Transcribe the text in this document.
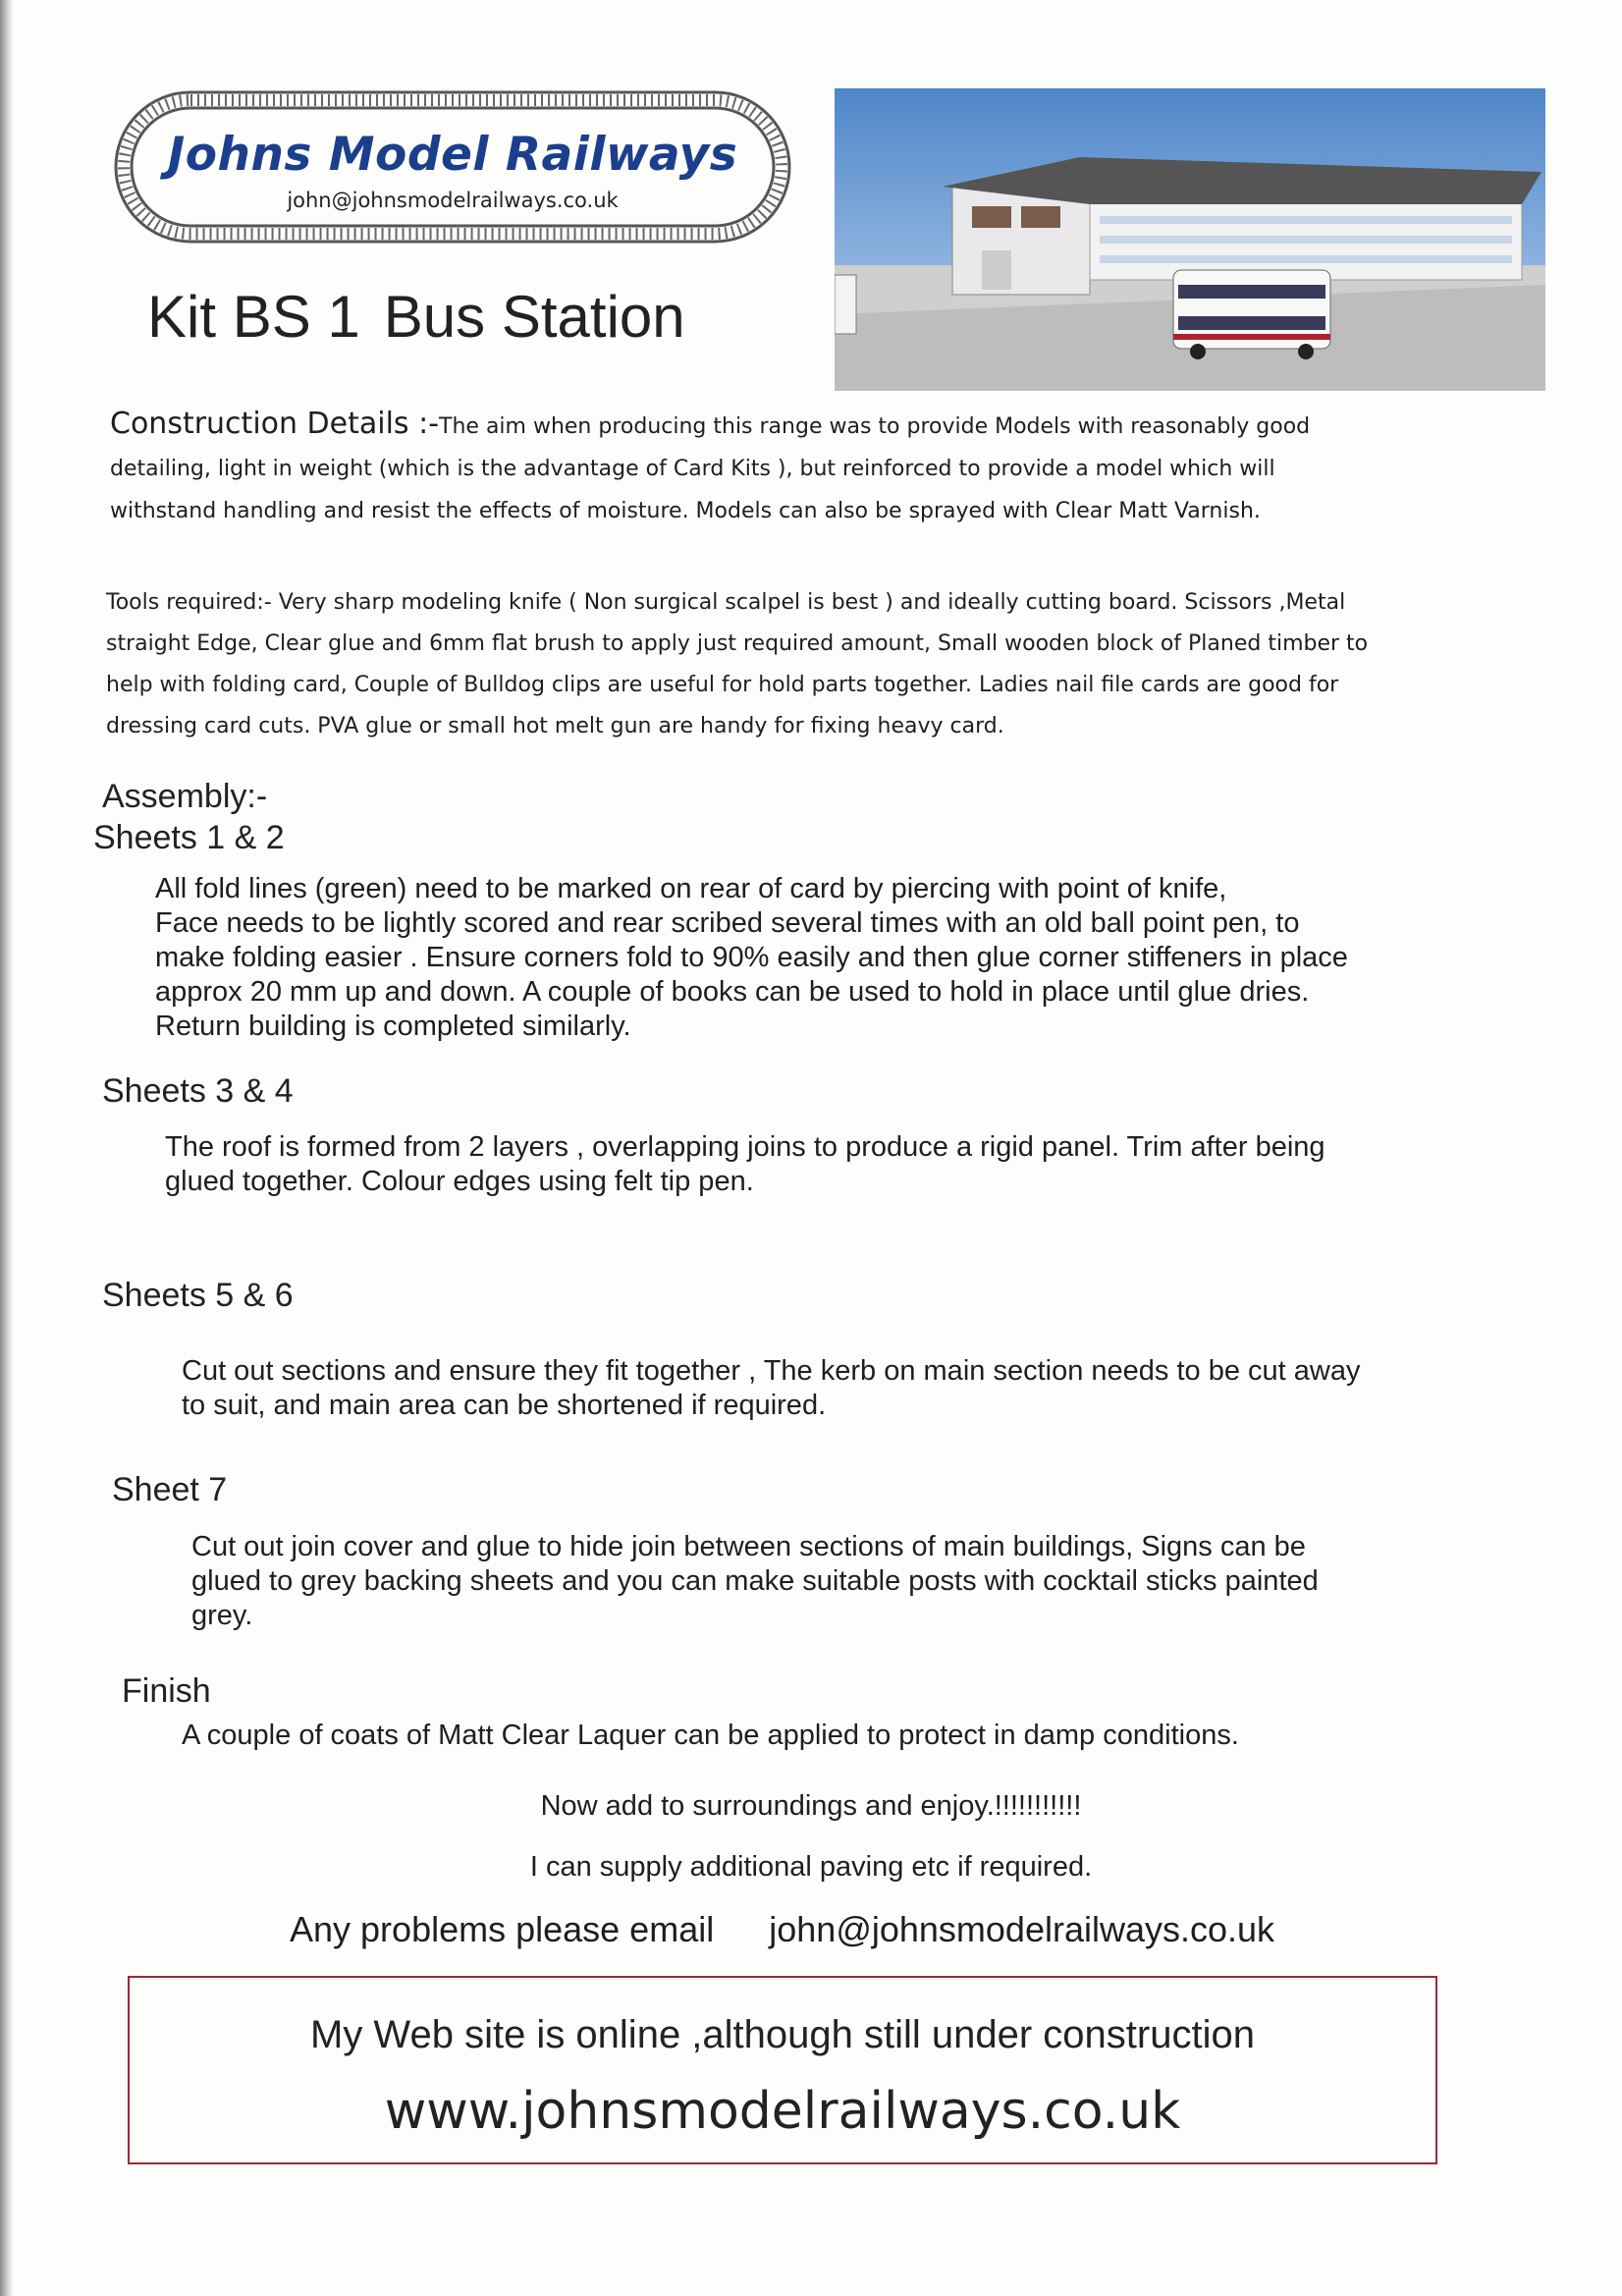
Johns Model Railways
john@johnsmodelrailways.co.uk
Kit BS 1 Bus Station
Construction Details :-The aim when producing this range was to provide Models with reasonably good
detailing, light in weight (which is the advantage of Card Kits ), but reinforced to provide a model which will
withstand handling and resist the effects of moisture. Models can also be sprayed with Clear Matt Varnish.
Tools required:- Very sharp modeling knife ( Non surgical scalpel is best ) and ideally cutting board. Scissors ,Metal
straight Edge, Clear glue and 6mm flat brush to apply just required amount, Small wooden block of Planed timber to
help with folding card, Couple of Bulldog clips are useful for hold parts together. Ladies nail file cards are good for
dressing card cuts. PVA glue or small hot melt gun are handy for fixing heavy card.
Assembly:-
Sheets 1 & 2
All fold lines (green) need to be marked on rear of card by piercing with point of knife,
Face needs to be lightly scored and rear scribed several times with an old ball point pen, to
make folding easier . Ensure corners fold to 90% easily and then glue corner stiffeners in place
approx 20 mm up and down. A couple of books can be used to hold in place until glue dries.
Return building is completed similarly.
Sheets 3 & 4
The roof is formed from 2 layers , overlapping joins to produce a rigid panel. Trim after being
glued together. Colour edges using felt tip pen.
Sheets 5 & 6
Cut out sections and ensure they fit together , The kerb on main section needs to be cut away
to suit, and main area can be shortened if required.
Sheet 7
Cut out join cover and glue to hide join between sections of main buildings, Signs can be
glued to grey backing sheets and you can make suitable posts with cocktail sticks painted
grey.
Finish
A couple of coats of Matt Clear Laquer can be applied to protect in damp conditions.
Now add to surroundings and enjoy.!!!!!!!!!!!
I can supply additional paving etc if required.
Any problems please email john@johnsmodelrailways.co.uk
My Web site is online ,although still under construction
www.johnsmodelrailways.co.uk
